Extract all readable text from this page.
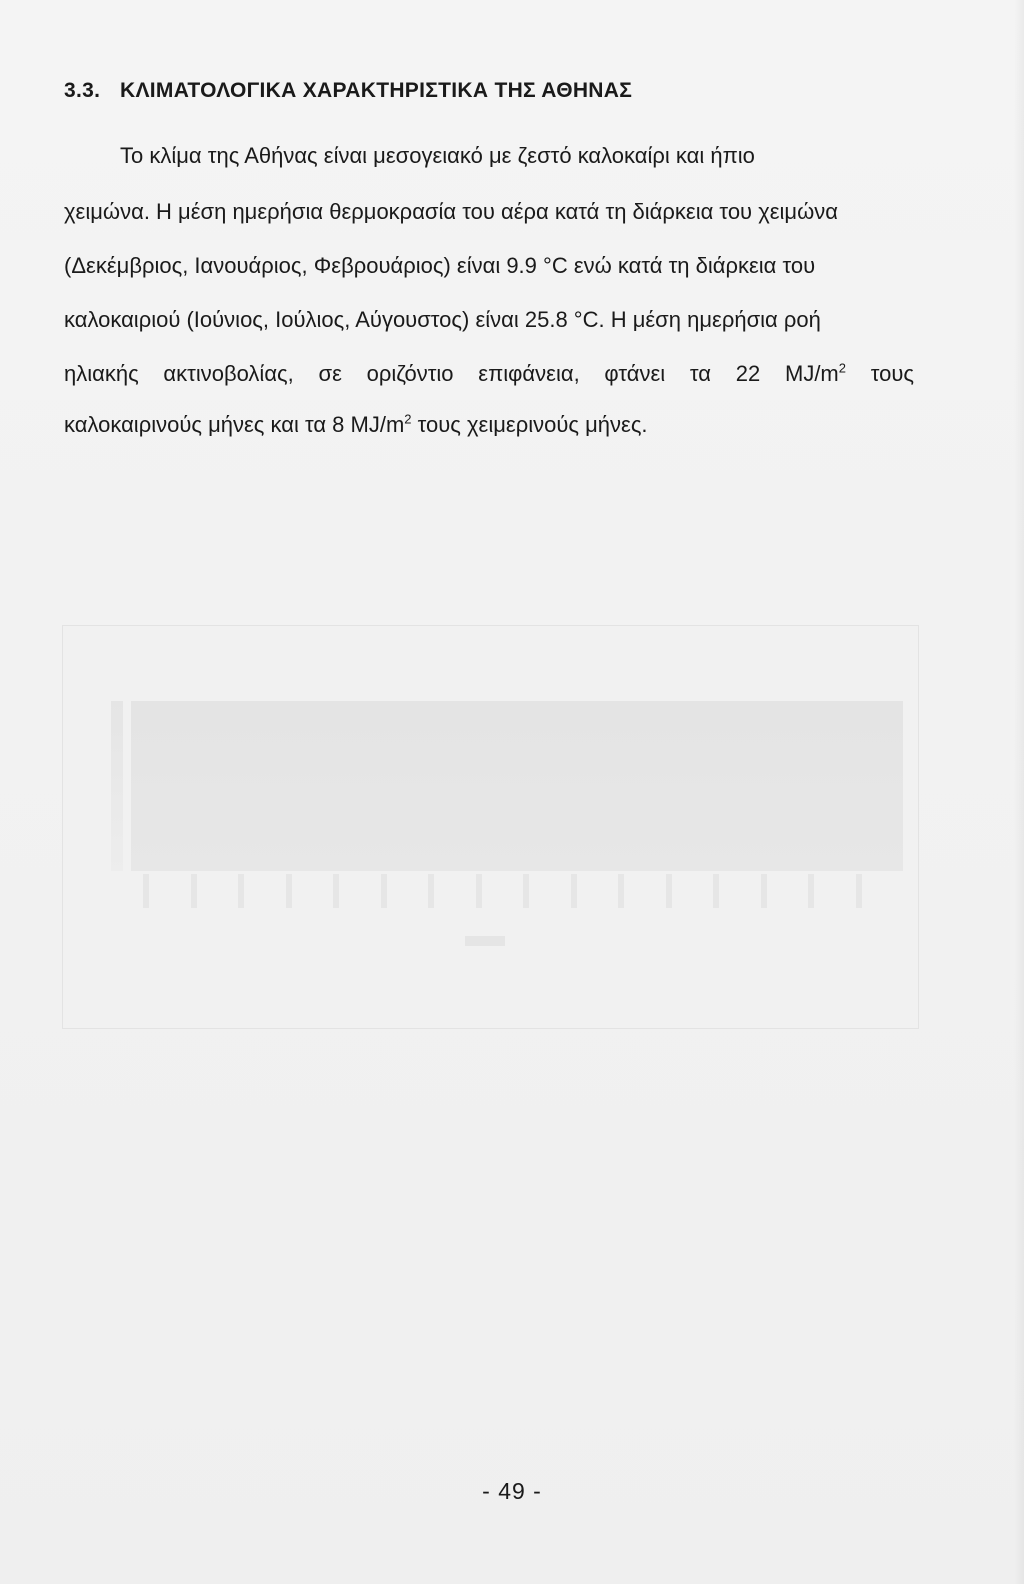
3.3. ΚΛΙΜΑΤΟΛΟΓΙΚΑ ΧΑΡΑΚΤΗΡΙΣΤΙΚΑ ΤΗΣ ΑΘΗΝΑΣ
Το κλίμα της Αθήνας είναι μεσογειακό με ζεστό καλοκαίρι και ήπιο
χειμώνα. Η μέση ημερήσια θερμοκρασία του αέρα κατά τη διάρκεια του χειμώνα
(Δεκέμβριος, Ιανουάριος, Φεβρουάριος) είναι 9.9 °C ενώ κατά τη διάρκεια του
καλοκαιριού (Ιούνιος, Ιούλιος, Αύγουστος) είναι 25.8 °C. Η μέση ημερήσια ροή
ηλιακής ακτινοβολίας, σε οριζόντιο επιφάνεια, φτάνει τα 22 $MJ/m^2$ τους
καλοκαιρινούς μήνες και τα 8 $MJ/m^2$ τους χειμερινούς μήνες.
- 49 -
